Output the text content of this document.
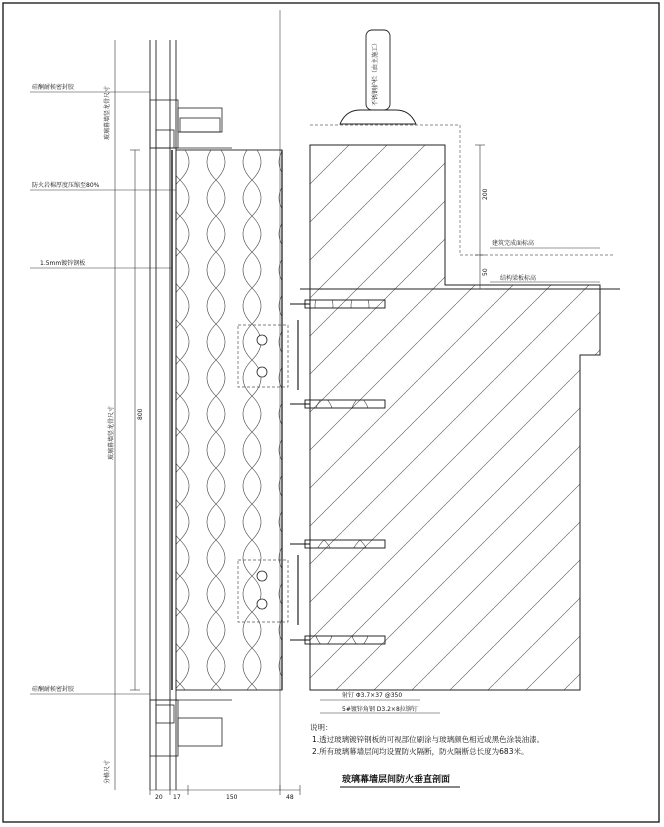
硅酮耐候密封胶
防火岩棉厚度压缩至80%
1.5mm镀锌钢板
硅酮耐候密封胶
建筑完成面标高
结构梁板标高
射钉 Φ3.7×37 @350
5#镀锌角钢 D3.2×8拉铆钉
玻璃幕墙竖龙骨尺寸
玻璃幕墙竖龙骨尺寸
分格尺寸
不锈钢护栏（由主施工）
200
50
800
20 17	150	48
说明：
1.透过玻璃镀锌钢板的可视部位刷涂与玻璃颜色相近或黑色涂装油漆。
2.所有玻璃幕墙层间均设置防火隔断，防火隔断总长度为683米。
玻璃幕墙层间防火垂直剖面
